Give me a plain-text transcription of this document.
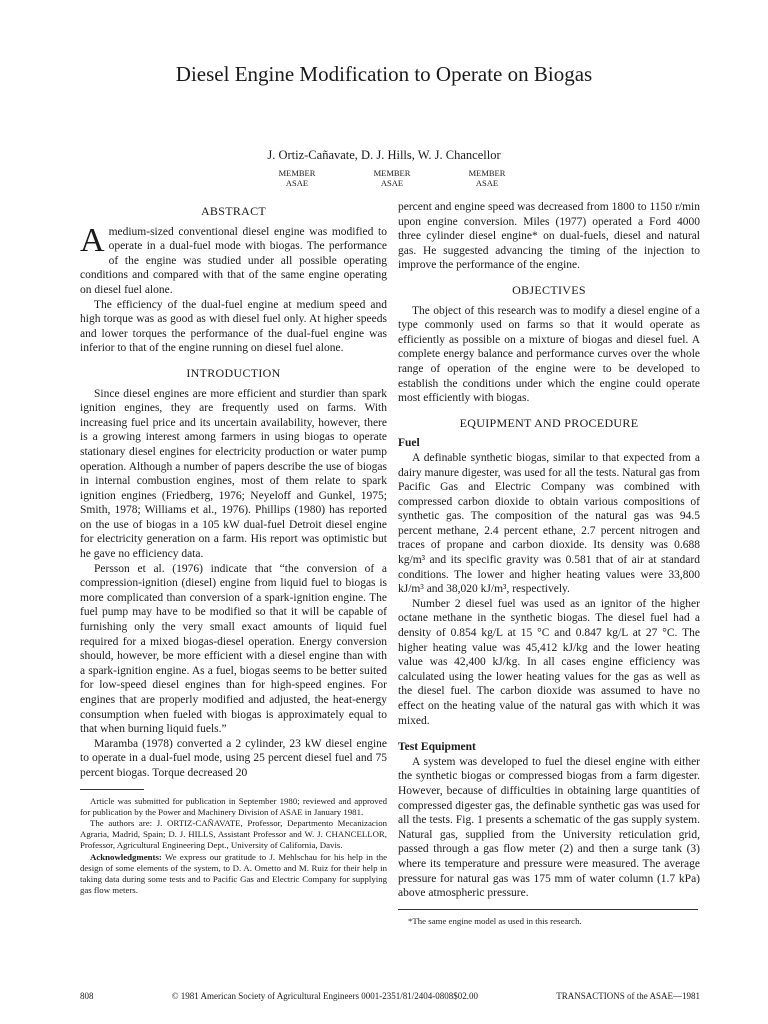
Diesel Engine Modification to Operate on Biogas
J. Ortiz-Cañavate, D. J. Hills, W. J. Chancellor
MEMBER
ASAE
MEMBER
ASAE
MEMBER
ASAE
ABSTRACT

Amedium-sized conventional diesel engine was modified to operate in a dual-fuel mode with biogas. The performance of the engine was studied under all possible operating conditions and compared with that of the same engine operating on diesel fuel alone.

The efficiency of the dual-fuel engine at medium speed and high torque was as good as with diesel fuel only. At higher speeds and lower torques the performance of the dual-fuel engine was inferior to that of the engine running on diesel fuel alone.

INTRODUCTION

Since diesel engines are more efficient and sturdier than spark ignition engines, they are frequently used on farms. With increasing fuel price and its uncertain availability, however, there is a growing interest among farmers in using biogas to operate stationary diesel engines for electricity production or water pump operation. Although a number of papers describe the use of biogas in internal combustion engines, most of them relate to spark ignition engines (Friedberg, 1976; Neyeloff and Gunkel, 1975; Smith, 1978; Williams et al., 1976). Phillips (1980) has reported on the use of biogas in a 105 kW dual-fuel Detroit diesel engine for electricity generation on a farm. His report was optimistic but he gave no efficiency data.

Persson et al. (1976) indicate that “the conversion of a compression-ignition (diesel) engine from liquid fuel to biogas is more complicated than conversion of a spark-ignition engine. The fuel pump may have to be modified so that it will be capable of furnishing only the very small exact amounts of liquid fuel required for a mixed biogas-diesel operation. Energy conversion should, however, be more efficient with a diesel engine than with a spark-ignition engine. As a fuel, biogas seems to be better suited for low-speed diesel engines than for high-speed engines. For engines that are properly modified and adjusted, the heat-energy consumption when fueled with biogas is approximately equal to that when burning liquid fuels.”

Maramba (1978) converted a 2 cylinder, 23 kW diesel engine to operate in a dual-fuel mode, using 25 percent diesel fuel and 75 percent biogas. Torque decreased 20

Article was submitted for publication in September 1980; reviewed and approved for publication by the Power and Machinery Division of ASAE in January 1981.

The authors are: J. ORTIZ-CAÑAVATE, Professor, Departmento Mecanizacion Agraria, Madrid, Spain; D. J. HILLS, Assistant Professor and W. J. CHANCELLOR, Professor, Agricultural Engineering Dept., University of California, Davis.

Acknowledgments: We express our gratitude to J. Mehlschau for his help in the design of some elements of the system, to D. A. Ometto and M. Ruiz for their help in taking data during some tests and to Pacific Gas and Electric Company for supplying gas flow meters.

percent and engine speed was decreased from 1800 to 1150 r/min upon engine conversion. Miles (1977) operated a Ford 4000 three cylinder diesel engine* on dual-fuels, diesel and natural gas. He suggested advancing the timing of the injection to improve the performance of the engine.

OBJECTIVES

The object of this research was to modify a diesel engine of a type commonly used on farms so that it would operate as efficiently as possible on a mixture of biogas and diesel fuel. A complete energy balance and performance curves over the whole range of operation of the engine were to be developed to establish the conditions under which the engine could operate most efficiently with biogas.

EQUIPMENT AND PROCEDURE
Fuel

A definable synthetic biogas, similar to that expected from a dairy manure digester, was used for all the tests. Natural gas from Pacific Gas and Electric Company was combined with compressed carbon dioxide to obtain various compositions of synthetic gas. The composition of the natural gas was 94.5 percent methane, 2.4 percent ethane, 2.7 percent nitrogen and traces of propane and carbon dioxide. Its density was 0.688 kg/m³ and its specific gravity was 0.581 that of air at standard conditions. The lower and higher heating values were 33,800 kJ/m³ and 38,020 kJ/m³, respectively.

Number 2 diesel fuel was used as an ignitor of the higher octane methane in the synthetic biogas. The diesel fuel had a density of 0.854 kg/L at 15 °C and 0.847 kg/L at 27 °C. The higher heating value was 45,412 kJ/kg and the lower heating value was 42,400 kJ/kg. In all cases engine efficiency was calculated using the lower heating values for the gas as well as the diesel fuel. The carbon dioxide was assumed to have no effect on the heating value of the natural gas with which it was mixed.

Test Equipment

A system was developed to fuel the diesel engine with either the synthetic biogas or compressed biogas from a farm digester. However, because of difficulties in obtaining large quantities of compressed digester gas, the definable synthetic gas was used for all the tests. Fig. 1 presents a schematic of the gas supply system. Natural gas, supplied from the University reticulation grid, passed through a gas flow meter (2) and then a surge tank (3) where its temperature and pressure were measured. The average pressure for natural gas was 175 mm of water column (1.7 kPa) above atmospheric pressure.

*The same engine model as used in this research.

808	© 1981 American Society of Agricultural Engineers 0001-2351/81/2404-0808$02.00	TRANSACTIONS of the ASAE—1981
